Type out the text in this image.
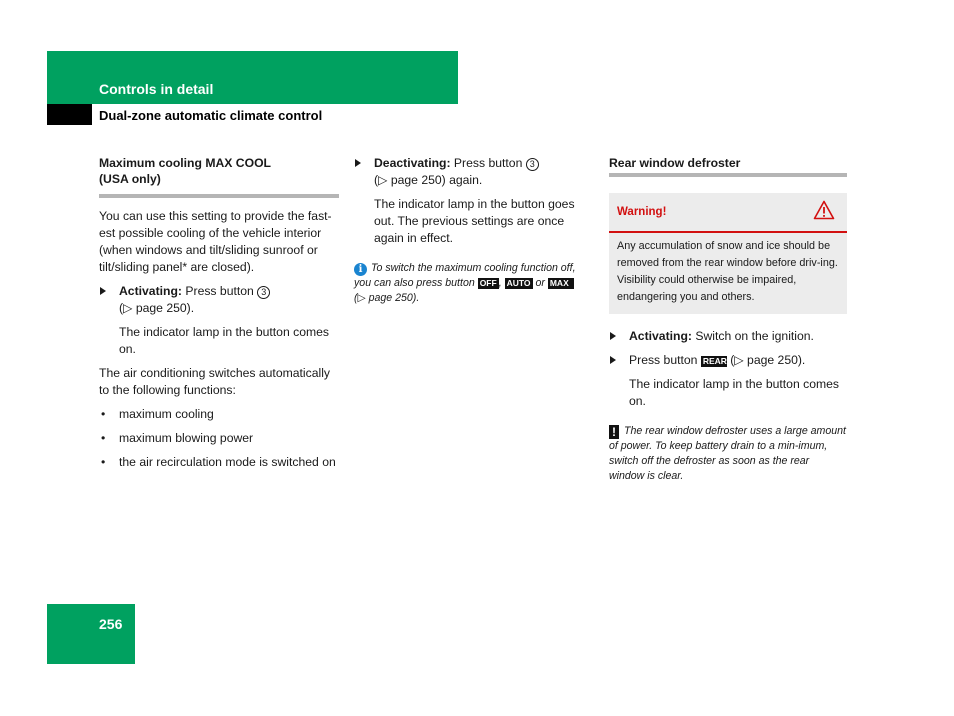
Controls in detail
Dual-zone automatic climate control
Maximum cooling MAX COOL
(USA only)

You can use this setting to provide the fast-est possible cooling of the vehicle interior (when windows and tilt/sliding sunroof or tilt/sliding panel* are closed).

Activating: Press button 3
(▷ page 250).

The indicator lamp in the button comes on.

The air conditioning switches automatically to the following functions:

• maximum cooling
• maximum blowing power
• the air recirculation mode is switched on
Deactivating: Press button 3
(▷ page 250) again.

The indicator lamp in the button goes out. The previous settings are once again in effect.

i To switch the maximum cooling function off, you can also press button OFF , AUTO or MAX
(▷ page 250).

Rear window defroster
Warning!
Any accumulation of snow and ice should be removed from the rear window before driv-ing. Visibility could otherwise be impaired, endangering you and others.
Activating: Switch on the ignition.
Press button REAR (▷ page 250).

The indicator lamp in the button comes on.

! The rear window defroster uses a large amount of power. To keep battery drain to a min-imum, switch off the defroster as soon as the rear window is clear.

256
